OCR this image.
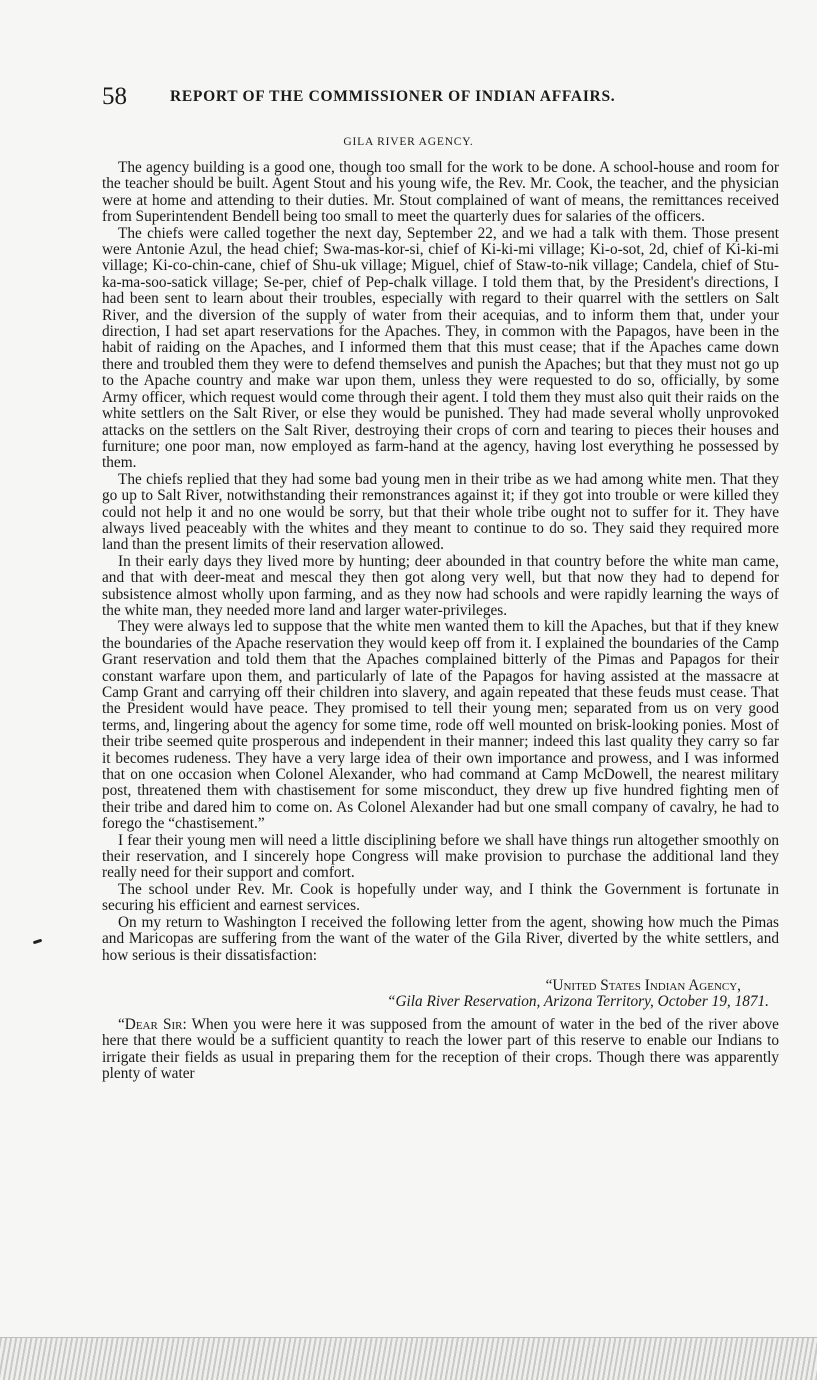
58	REPORT OF THE COMMISSIONER OF INDIAN AFFAIRS.
GILA RIVER AGENCY.

The agency building is a good one, though too small for the work to be done. A school-house and room for the teacher should be built. Agent Stout and his young wife, the Rev. Mr. Cook, the teacher, and the physician were at home and attending to their duties. Mr. Stout complained of want of means, the remittances received from Superintendent Bendell being too small to meet the quarterly dues for salaries of the officers.

The chiefs were called together the next day, September 22, and we had a talk with them. Those present were Antonie Azul, the head chief; Swa-mas-kor-si, chief of Ki-ki-mi village; Ki-o-sot, 2d, chief of Ki-ki-mi village; Ki-co-chin-cane, chief of Shu-uk village; Miguel, chief of Staw-to-nik village; Candela, chief of Stu-ka-ma-soo-satick village; Se-per, chief of Pep-chalk village. I told them that, by the President's directions, I had been sent to learn about their troubles, especially with regard to their quarrel with the settlers on Salt River, and the diversion of the supply of water from their acequias, and to inform them that, under your direction, I had set apart reservations for the Apaches. They, in common with the Papagos, have been in the habit of raiding on the Apaches, and I informed them that this must cease; that if the Apaches came down there and troubled them they were to defend themselves and punish the Apaches; but that they must not go up to the Apache country and make war upon them, unless they were requested to do so, officially, by some Army officer, which request would come through their agent. I told them they must also quit their raids on the white settlers on the Salt River, or else they would be punished. They had made several wholly unprovoked attacks on the settlers on the Salt River, destroying their crops of corn and tearing to pieces their houses and furniture; one poor man, now employed as farm-hand at the agency, having lost everything he possessed by them.

The chiefs replied that they had some bad young men in their tribe as we had among white men. That they go up to Salt River, notwithstanding their remonstrances against it; if they got into trouble or were killed they could not help it and no one would be sorry, but that their whole tribe ought not to suffer for it. They have always lived peaceably with the whites and they meant to continue to do so. They said they required more land than the present limits of their reservation allowed.

In their early days they lived more by hunting; deer abounded in that country before the white man came, and that with deer-meat and mescal they then got along very well, but that now they had to depend for subsistence almost wholly upon farming, and as they now had schools and were rapidly learning the ways of the white man, they needed more land and larger water-privileges.

They were always led to suppose that the white men wanted them to kill the Apaches, but that if they knew the boundaries of the Apache reservation they would keep off from it. I explained the boundaries of the Camp Grant reservation and told them that the Apaches complained bitterly of the Pimas and Papagos for their constant warfare upon them, and particularly of late of the Papagos for having assisted at the massacre at Camp Grant and carrying off their children into slavery, and again repeated that these feuds must cease. That the President would have peace. They promised to tell their young men; separated from us on very good terms, and, lingering about the agency for some time, rode off well mounted on brisk-looking ponies. Most of their tribe seemed quite prosperous and independent in their manner; indeed this last quality they carry so far it becomes rudeness. They have a very large idea of their own importance and prowess, and I was informed that on one occasion when Colonel Alexander, who had command at Camp McDowell, the nearest military post, threatened them with chastisement for some misconduct, they drew up five hundred fighting men of their tribe and dared him to come on. As Colonel Alexander had but one small company of cavalry, he had to forego the “chastisement.”

I fear their young men will need a little disciplining before we shall have things run altogether smoothly on their reservation, and I sincerely hope Congress will make provision to purchase the additional land they really need for their support and comfort.

The school under Rev. Mr. Cook is hopefully under way, and I think the Government is fortunate in securing his efficient and earnest services.

On my return to Washington I received the following letter from the agent, showing how much the Pimas and Maricopas are suffering from the want of the water of the Gila River, diverted by the white settlers, and how serious is their dissatisfaction:

“United States Indian Agency,
“Gila River Reservation, Arizona Territory, October 19, 1871.

“Dear Sir: When you were here it was supposed from the amount of water in the bed of the river above here that there would be a sufficient quantity to reach the lower part of this reserve to enable our Indians to irrigate their fields as usual in preparing them for the reception of their crops. Though there was apparently plenty of water
